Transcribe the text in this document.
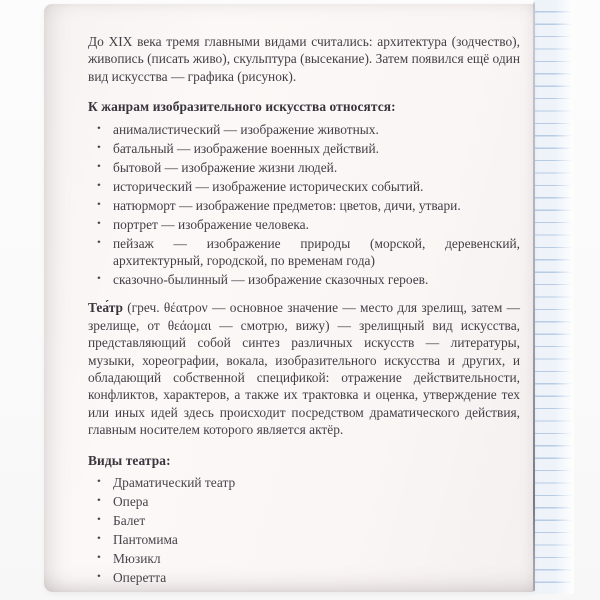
До XIX века тремя главными видами считались: архитектура (зодчество), живопись (писать живо), скульптура (высекание). Затем появился ещё один вид искусства — графика (рисунок).

К жанрам изобразительного искусства относятся:

• анималистический — изображение животных.
• батальный — изображение военных действий.
• бытовой — изображение жизни людей.
• исторический — изображение исторических событий.
• натюрморт — изображение предметов: цветов, дичи, утвари.
• портрет — изображение человека.
• пейзаж — изображение природы (морской, деревенский, архитектурный, городской, по временам года)
• сказочно-былинный — изображение сказочных героев.

Теа́тр (греч. θέατρον — основное значение — место для зрелищ, затем — зрелище, от θεάομαι — смотрю, вижу) — зрелищный вид искусства, представляющий собой синтез различных искусств — литературы, музыки, хореографии, вокала, изобразительного искусства и других, и обладающий собственной спецификой: отражение действительности, конфликтов, характеров, а также их трактовка и оценка, утверждение тех или иных идей здесь происходит посредством драматического действия, главным носителем которого является актёр.

Виды театра:

• Драматический театр
• Опера
• Балет
• Пантомима
• Мюзикл
• Оперетта
